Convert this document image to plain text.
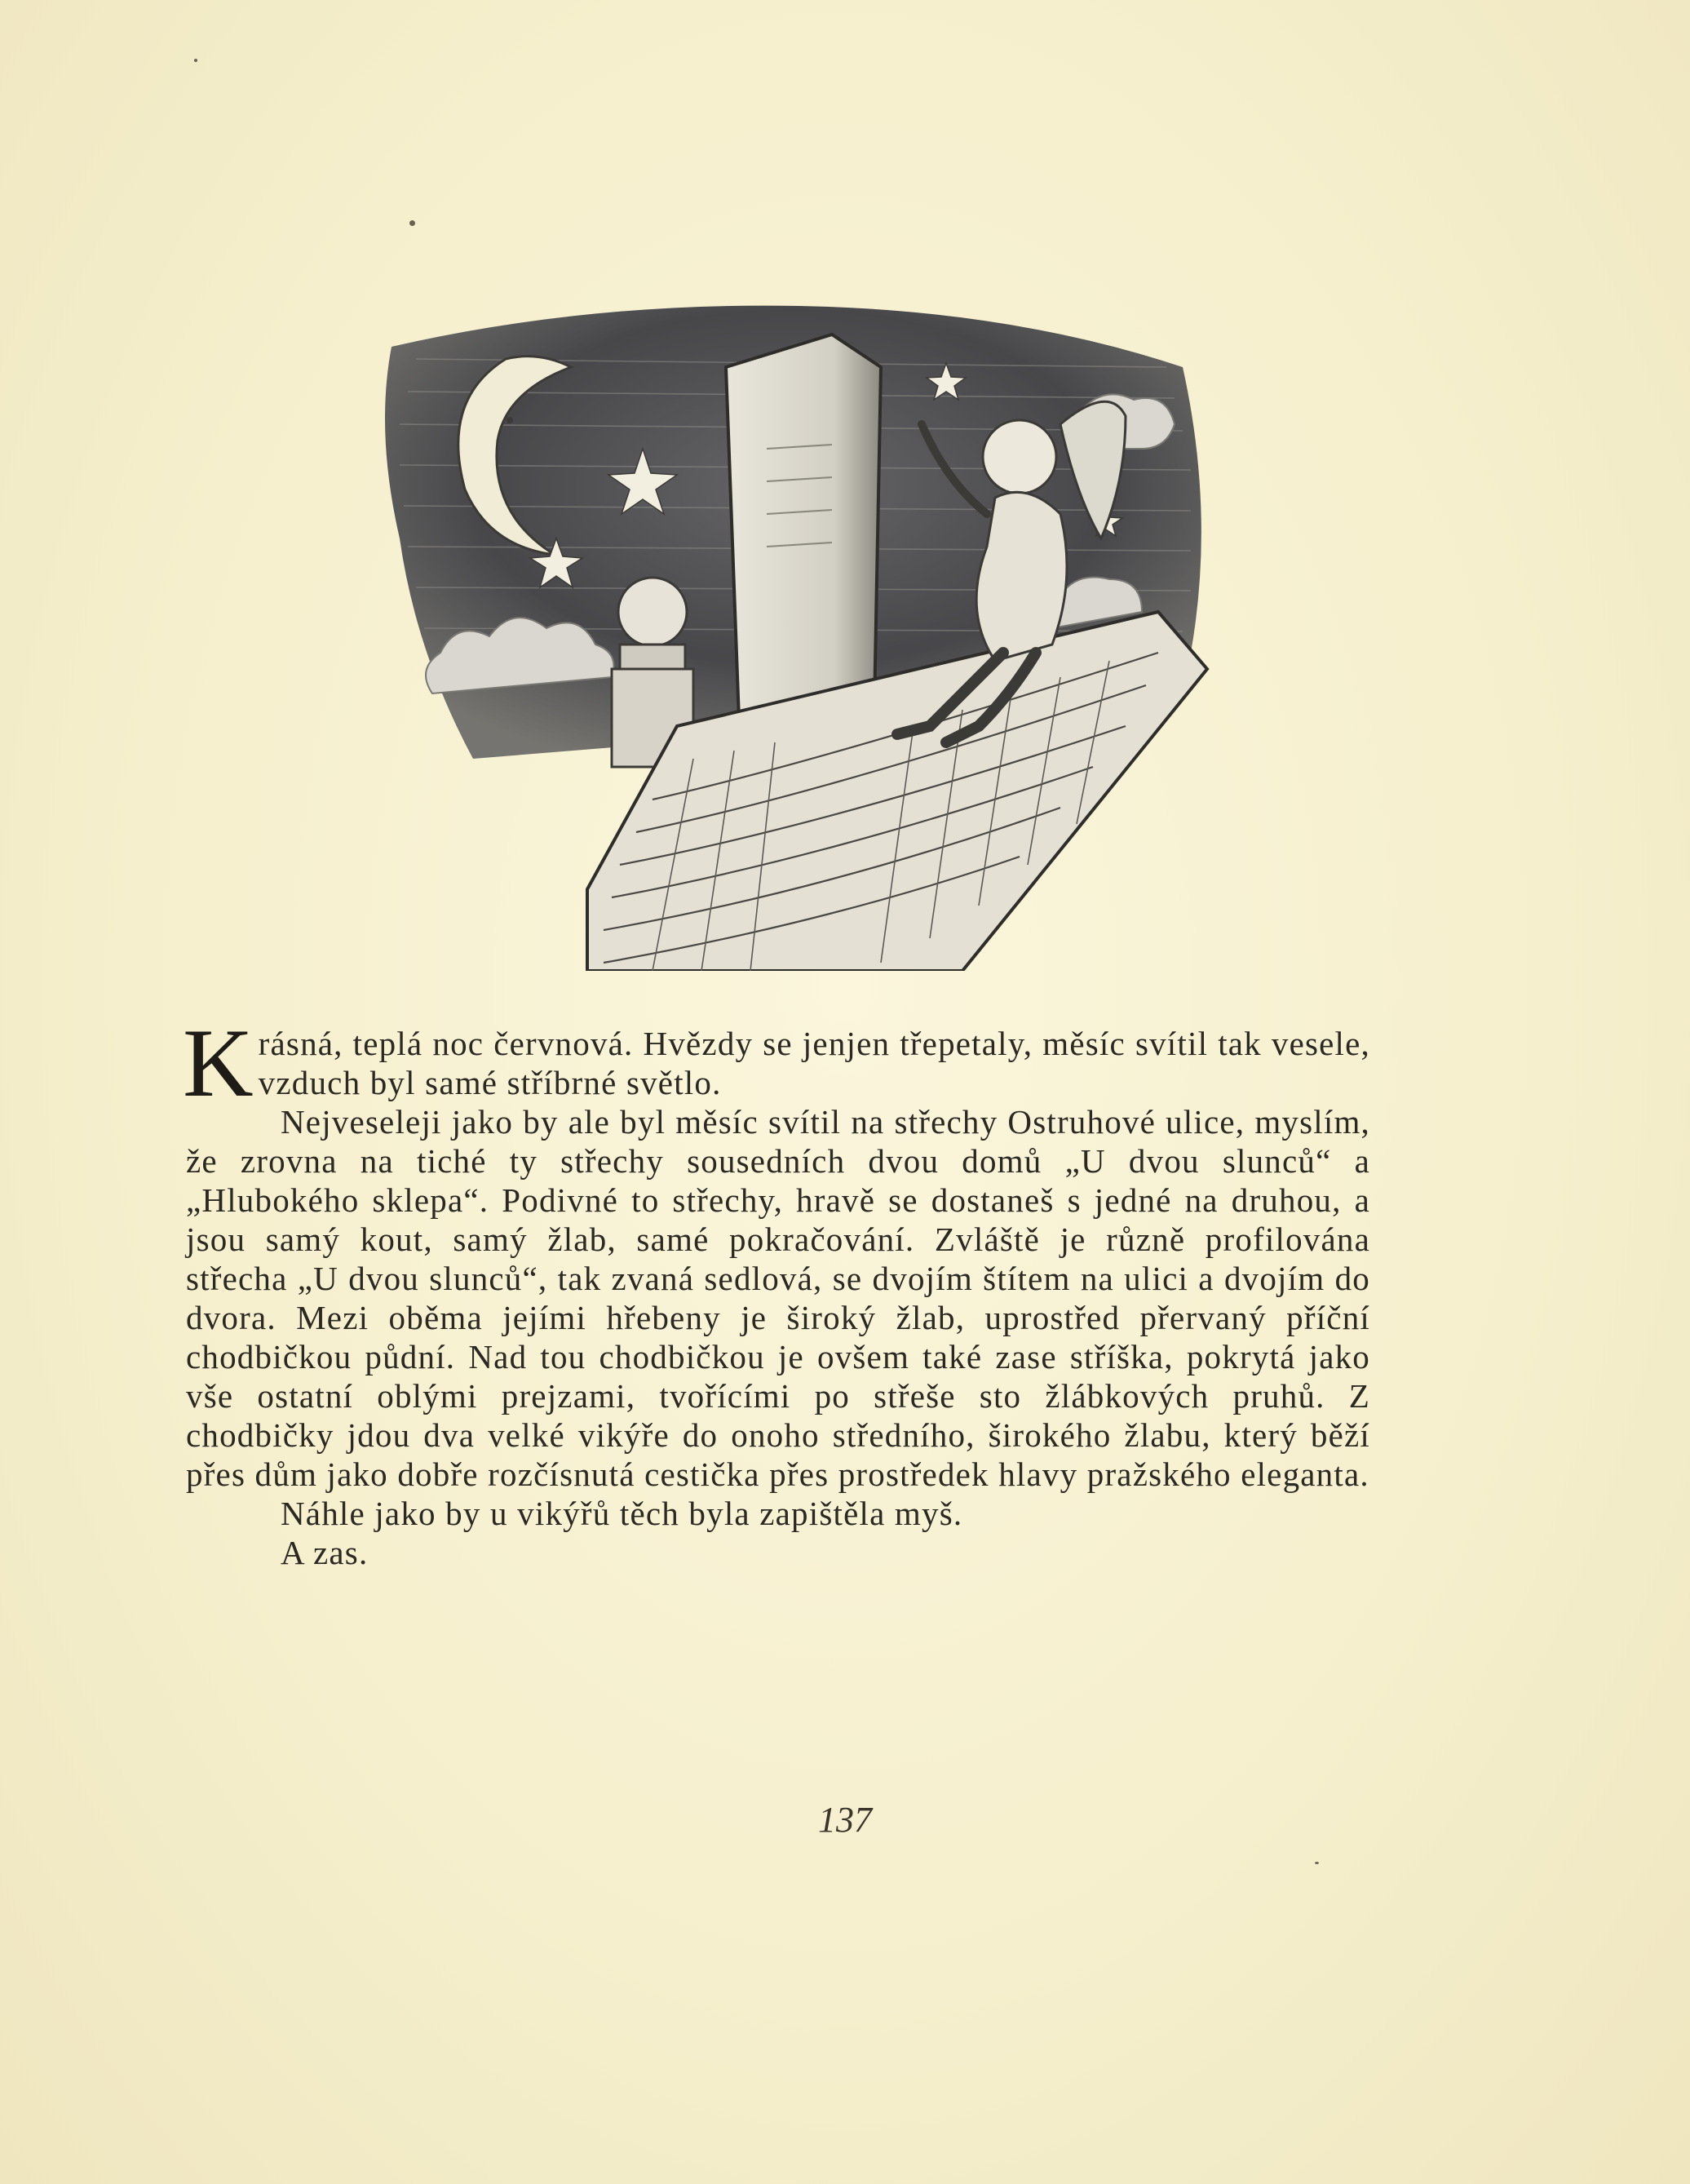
Krásná, teplá noc červnová. Hvězdy se jenjen třepetaly, měsíc svítil tak vesele, vzduch byl samé stříbrné světlo.

Nejveseleji jako by ale byl měsíc svítil na střechy Ostruhové ulice, myslím, že zrovna na tiché ty střechy sousedních dvou domů „U dvou slunců“ a „Hlubokého sklepa“. Podivné to střechy, hravě se dostaneš s jedné na druhou, a jsou samý kout, samý žlab, samé pokračování. Zvláště je různě profilována střecha „U dvou slunců“, tak zvaná sedlová, se dvojím štítem na ulici a dvojím do dvora. Mezi oběma jejími hřebeny je široký žlab, uprostřed přervaný příční chodbičkou půdní. Nad tou chodbičkou je ovšem také zase stříška, pokrytá jako vše ostatní oblými prejzami, tvořícími po střeše sto žlábkových pruhů. Z chodbičky jdou dva velké vikýře do onoho středního, širokého žlabu, který běží přes dům jako dobře rozčísnutá cestička přes prostředek hlavy pražského eleganta.

Náhle jako by u vikýřů těch byla zapištěla myš.

A zas.

137
